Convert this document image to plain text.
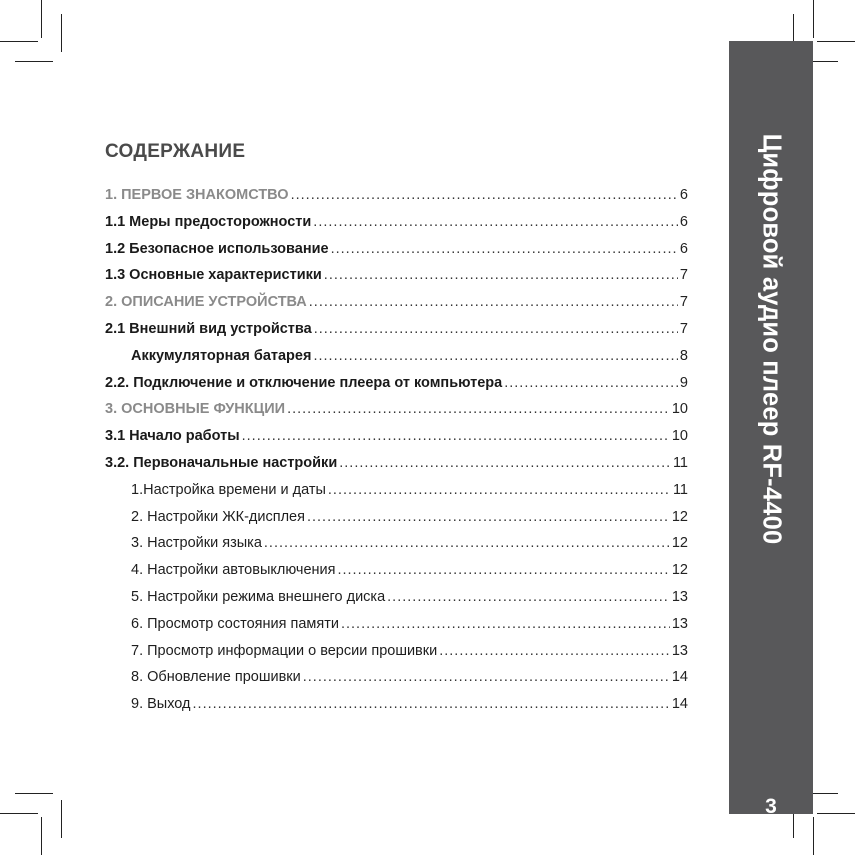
Цифровой аудио плеер RF-4400
3
СОДЕРЖАНИЕ
1. ПЕРВОЕ ЗНАКОМСТВО .....	6
1.1 Меры предосторожности .....	6
1.2 Безопасное использование .....	6
1.3 Основные характеристики .....	7
2. ОПИСАНИЕ УСТРОЙСТВА .....	7
2.1 Внешний вид устройства .....	7
Аккумуляторная батарея .....	8
2.2. Подключение и отключение плеера от компьютера .....	9
3. ОСНОВНЫЕ ФУНКЦИИ .....	10
3.1 Начало работы .....	10
3.2. Первоначальные настройки .....	11
1.Настройка времени и даты .....	11
2. Настройки ЖК-дисплея .....	12
3. Настройки языка .....	12
4. Настройки автовыключения .....	12
5. Настройки режима внешнего диска .....	13
6. Просмотр состояния памяти .....	13
7. Просмотр информации о версии прошивки .....	13
8. Обновление прошивки .....	14
9. Выход .....	14
